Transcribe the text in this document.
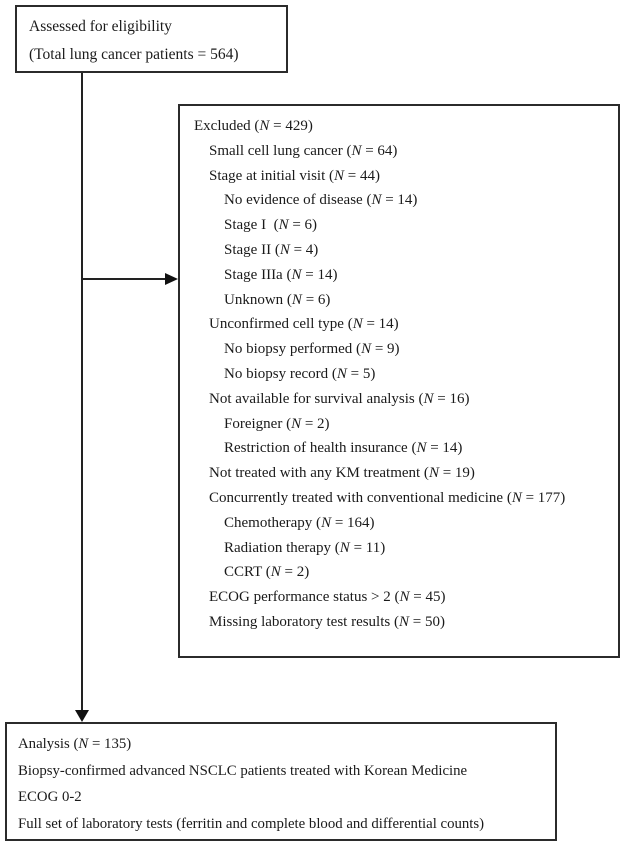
Assessed for eligibility
(Total lung cancer patients = 564)
Excluded (N = 429)
Small cell lung cancer (N = 64)
Stage at initial visit (N = 44)
No evidence of disease (N = 14)
Stage I  (N = 6)
Stage II (N = 4)
Stage IIIa (N = 14)
Unknown (N = 6)
Unconfirmed cell type (N = 14)
No biopsy performed (N = 9)
No biopsy record (N = 5)
Not available for survival analysis (N = 16)
Foreigner (N = 2)
Restriction of health insurance (N = 14)
Not treated with any KM treatment (N = 19)
Concurrently treated with conventional medicine (N = 177)
Chemotherapy (N = 164)
Radiation therapy (N = 11)
CCRT (N = 2)
ECOG performance status > 2 (N = 45)
Missing laboratory test results (N = 50)
Analysis (N = 135)
Biopsy-confirmed advanced NSCLC patients treated with Korean Medicine
ECOG 0-2
Full set of laboratory tests (ferritin and complete blood and differential counts)
